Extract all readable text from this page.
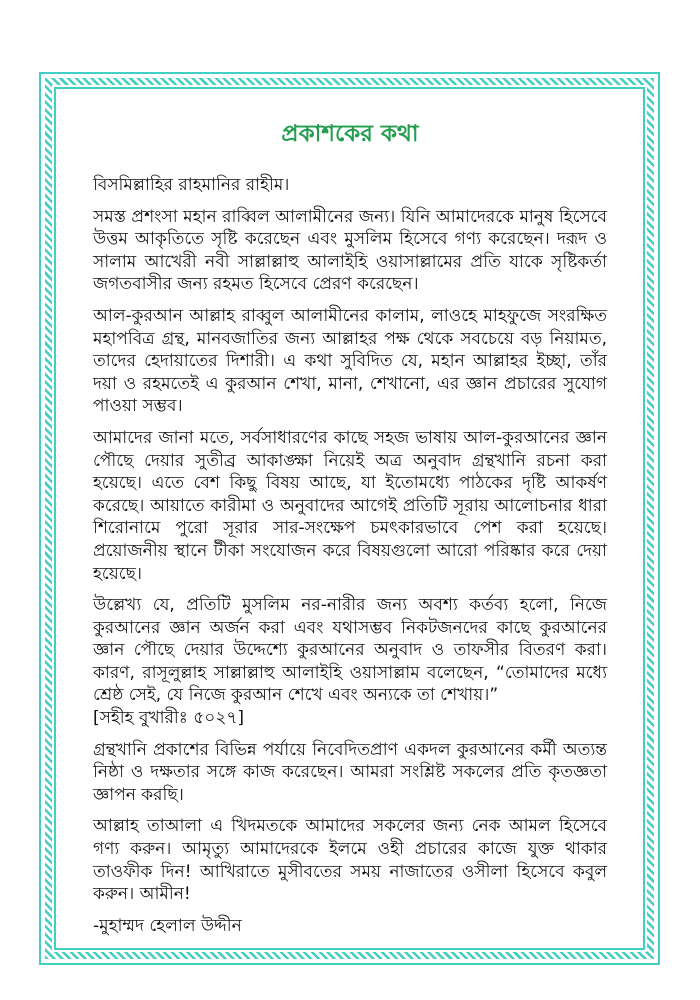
প্রকাশকের কথা

বিসমিল্লাহির রাহমানির রাহীম।

সমস্ত প্রশংসা মহান রাব্বিল আলামীনের জন্য। যিনি আমাদেরকে মানুষ হিসেবে উত্তম আকৃতিতে সৃষ্টি করেছেন এবং মুসলিম হিসেবে গণ্য করেছেন। দরূদ ও সালাম আখেরী নবী সাল্লাল্লাহু আলাইহি ওয়াসাল্লামের প্রতি যাকে সৃষ্টিকর্তা জগতবাসীর জন্য রহমত হিসেবে প্রেরণ করেছেন।

আল-কুরআন আল্লাহ রাব্বুল আলামীনের কালাম, লাওহে মাহফুজে সংরক্ষিত মহাপবিত্র গ্রন্থ, মানবজাতির জন্য আল্লাহর পক্ষ থেকে সবচেয়ে বড় নিয়ামত, তাদের হেদায়াতের দিশারী। এ কথা সুবিদিত যে, মহান আল্লাহর ইচ্ছা, তাঁর দয়া ও রহমতেই এ কুরআন শেখা, মানা, শেখানো, এর জ্ঞান প্রচারের সুযোগ পাওয়া সম্ভব।

আমাদের জানা মতে, সর্বসাধারণের কাছে সহজ ভাষায় আল-কুরআনের জ্ঞান পৌছে দেয়ার সুতীব্র আকাঙ্ক্ষা নিয়েই অত্র অনুবাদ গ্রন্থখানি রচনা করা হয়েছে। এতে বেশ কিছু বিষয় আছে, যা ইতোমধ্যে পাঠকের দৃষ্টি আকর্ষণ করেছে। আয়াতে কারীমা ও অনুবাদের আগেই প্রতিটি সূরায় আলোচনার ধারা শিরোনামে পুরো সূরার সার-সংক্ষেপ চমৎকারভাবে পেশ করা হয়েছে। প্রয়োজনীয় স্থানে টীকা সংযোজন করে বিষয়গুলো আরো পরিষ্কার করে দেয়া হয়েছে।

উল্লেখ্য যে, প্রতিটি মুসলিম নর-নারীর জন্য অবশ্য কর্তব্য হলো, নিজে কুরআনের জ্ঞান অর্জন করা এবং যথাসম্ভব নিকটজনদের কাছে কুরআনের জ্ঞান পৌছে দেয়ার উদ্দেশ্যে কুরআনের অনুবাদ ও তাফসীর বিতরণ করা। কারণ, রাসূলুল্লাহ সাল্লাল্লাহু আলাইহি ওয়াসাল্লাম বলেছেন, “তোমাদের মধ্যে শ্রেষ্ঠ সেই, যে নিজে কুরআন শেখে এবং অন্যকে তা শেখায়।”

[সহীহ বুখারীঃ ৫০২৭]

গ্রন্থখানি প্রকাশের বিভিন্ন পর্যায়ে নিবেদিতপ্রাণ একদল কুরআনের কর্মী অত্যন্ত নিষ্ঠা ও দক্ষতার সঙ্গে কাজ করেছেন। আমরা সংশ্লিষ্ট সকলের প্রতি কৃতজ্ঞতা জ্ঞাপন করছি।

আল্লাহ তাআলা এ খিদমতকে আমাদের সকলের জন্য নেক আমল হিসেবে গণ্য করুন। আমৃত্যু আমাদেরকে ইলমে ওহী প্রচারের কাজে যুক্ত থাকার তাওফীক দিন! আখিরাতে মুসীবতের সময় নাজাতের ওসীলা হিসেবে কবুল করুন। আমীন!

-মুহাম্মদ হেলাল উদ্দীন
